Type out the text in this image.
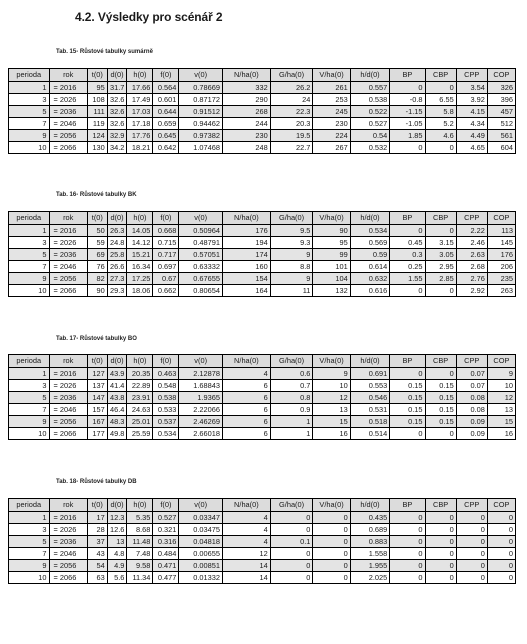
4.2. Výsledky pro scénář 2
Tab. 15- Růstové tabulky sumárně
perioda	rok	t(0)	d(0)	h(0)	f(0)	v(0)	N/ha(0)	G/ha(0)	V/ha(0)	h/d(0)	BP	CBP	CPP	COP
1	= 2016	95	31.7	17.66	0.564	0.78669	332	26.2	261	0.557	0	0	3.54	326
3	= 2026	108	32.6	17.49	0.601	0.87172	290	24	253	0.538	-0.8	6.55	3.92	396
5	= 2036	111	32.6	17.03	0.644	0.91512	268	22.3	245	0.522	-1.15	5.8	4.15	457
7	= 2046	119	32.6	17.18	0.659	0.94462	244	20.3	230	0.527	-1.05	5.2	4.34	512
9	= 2056	124	32.9	17.76	0.645	0.97382	230	19.5	224	0.54	1.85	4.6	4.49	561
10	= 2066	130	34.2	18.21	0.642	1.07468	248	22.7	267	0.532	0	0	4.65	604
Tab. 16- Růstové tabulky BK
perioda	rok	t(0)	d(0)	h(0)	f(0)	v(0)	N/ha(0)	G/ha(0)	V/ha(0)	h/d(0)	BP	CBP	CPP	COP
1	= 2016	50	26.3	14.05	0.668	0.50964	176	9.5	90	0.534	0	0	2.22	113
3	= 2026	59	24.8	14.12	0.715	0.48791	194	9.3	95	0.569	0.45	3.15	2.46	145
5	= 2036	69	25.8	15.21	0.717	0.57051	174	9	99	0.59	0.3	3.05	2.63	176
7	= 2046	76	26.6	16.34	0.697	0.63332	160	8.8	101	0.614	0.25	2.95	2.68	206
9	= 2056	82	27.3	17.25	0.67	0.67655	154	9	104	0.632	1.55	2.85	2.76	235
10	= 2066	90	29.3	18.06	0.662	0.80654	164	11	132	0.616	0	0	2.92	263
Tab. 17- Růstové tabulky BO
perioda	rok	t(0)	d(0)	h(0)	f(0)	v(0)	N/ha(0)	G/ha(0)	V/ha(0)	h/d(0)	BP	CBP	CPP	COP
1	= 2016	127	43.9	20.35	0.463	2.12878	4	0.6	9	0.691	0	0	0.07	9
3	= 2026	137	41.4	22.89	0.548	1.68843	6	0.7	10	0.553	0.15	0.15	0.07	10
5	= 2036	147	43.8	23.91	0.538	1.9365	6	0.8	12	0.546	0.15	0.15	0.08	12
7	= 2046	157	46.4	24.63	0.533	2.22066	6	0.9	13	0.531	0.15	0.15	0.08	13
9	= 2056	167	48.3	25.01	0.537	2.46269	6	1	15	0.518	0.15	0.15	0.09	15
10	= 2066	177	49.8	25.59	0.534	2.66018	6	1	16	0.514	0	0	0.09	16
Tab. 18- Růstové tabulky DB
perioda	rok	t(0)	d(0)	h(0)	f(0)	v(0)	N/ha(0)	G/ha(0)	V/ha(0)	h/d(0)	BP	CBP	CPP	COP
1	= 2016	17	12.3	5.35	0.527	0.03347	4	0	0	0.435	0	0	0	0
3	= 2026	28	12.6	8.68	0.321	0.03475	4	0	0	0.689	0	0	0	0
5	= 2036	37	13	11.48	0.316	0.04818	4	0.1	0	0.883	0	0	0	0
7	= 2046	43	4.8	7.48	0.484	0.00655	12	0	0	1.558	0	0	0	0
9	= 2056	54	4.9	9.58	0.471	0.00851	14	0	0	1.955	0	0	0	0
10	= 2066	63	5.6	11.34	0.477	0.01332	14	0	0	2.025	0	0	0	0
